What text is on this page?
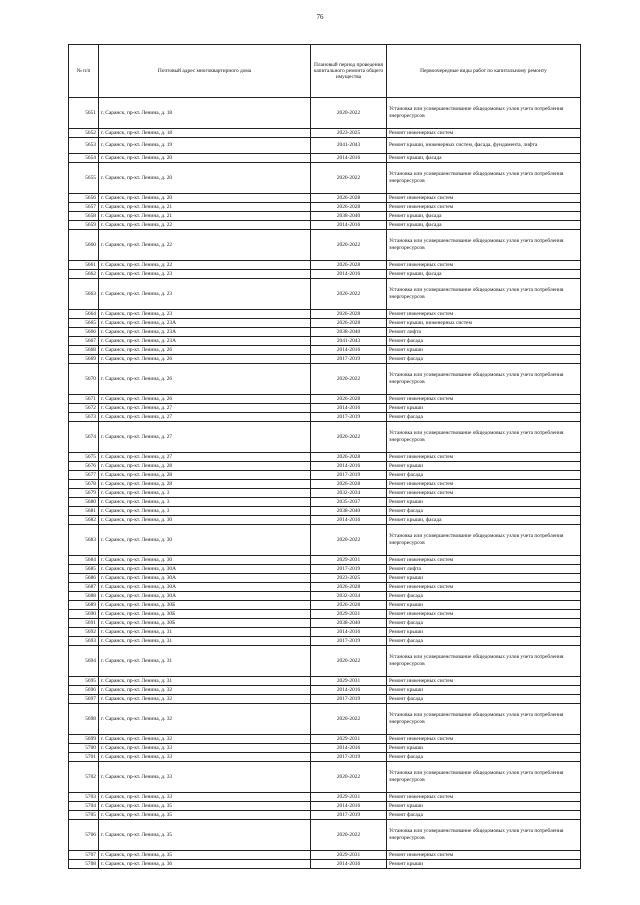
76
№ п/п	Почтовый адрес многоквартирного дома	Плановый период проведения капитального ремонта общего имущества	Первоочередные виды работ по капитальному ремонту
5651	г. Саранск, пр-кт. Ленина, д. 18	2020-2022	Установка или усовершенствование общедомовых узлов учета потребления энергоресурсов
5652	г. Саранск, пр-кт. Ленина, д. 18	2023-2025	Ремонт инженерных систем
5653	г. Саранск, пр-кт. Ленина, д. 19	2041-2043	Ремонт крыши, инженерных систем, фасада, фундамента, лифта
5654	г. Саранск, пр-кт. Ленина, д. 20	2014-2016	Ремонт крыши, фасада
5655	г. Саранск, пр-кт. Ленина, д. 20	2020-2022	Установка или усовершенствование общедомовых узлов учета потребления энергоресурсов
5656	г. Саранск, пр-кт. Ленина, д. 20	2026-2028	Ремонт инженерных систем
5657	г. Саранск, пр-кт. Ленина, д. 21	2026-2028	Ремонт инженерных систем
5658	г. Саранск, пр-кт. Ленина, д. 21	2038-2040	Ремонт крыши, фасада
5659	г. Саранск, пр-кт. Ленина, д. 22	2014-2016	Ремонт крыши, фасада
5660	г. Саранск, пр-кт. Ленина, д. 22	2020-2022	Установка или усовершенствование общедомовых узлов учета потребления энергоресурсов
5661	г. Саранск, пр-кт. Ленина, д. 22	2026-2028	Ремонт инженерных систем
5662	г. Саранск, пр-кт. Ленина, д. 23	2014-2016	Ремонт крыши, фасада
5663	г. Саранск, пр-кт. Ленина, д. 23	2020-2022	Установка или усовершенствование общедомовых узлов учета потребления энергоресурсов
5664	г. Саранск, пр-кт. Ленина, д. 23	2026-2028	Ремонт инженерных систем
5665	г. Саранск, пр-кт. Ленина, д. 23А	2026-2028	Ремонт крыши, инженерных систем
5666	г. Саранск, пр-кт. Ленина, д. 23А	2038-2040	Ремонт лифта
5667	г. Саранск, пр-кт. Ленина, д. 23А	2041-2043	Ремонт фасада
5668	г. Саранск, пр-кт. Ленина, д. 26	2014-2016	Ремонт крыши
5669	г. Саранск, пр-кт. Ленина, д. 26	2017-2019	Ремонт фасада
5670	г. Саранск, пр-кт. Ленина, д. 26	2020-2022	Установка или усовершенствование общедомовых узлов учета потребления энергоресурсов
5671	г. Саранск, пр-кт. Ленина, д. 26	2026-2028	Ремонт инженерных систем
5672	г. Саранск, пр-кт. Ленина, д. 27	2014-2016	Ремонт крыши
5673	г. Саранск, пр-кт. Ленина, д. 27	2017-2019	Ремонт фасада
5674	г. Саранск, пр-кт. Ленина, д. 27	2020-2022	Установка или усовершенствование общедомовых узлов учета потребления энергоресурсов
5675	г. Саранск, пр-кт. Ленина, д. 27	2026-2028	Ремонт инженерных систем
5676	г. Саранск, пр-кт. Ленина, д. 28	2014-2016	Ремонт крыши
5677	г. Саранск, пр-кт. Ленина, д. 28	2017-2019	Ремонт фасада
5678	г. Саранск, пр-кт. Ленина, д. 28	2026-2028	Ремонт инженерных систем
5679	г. Саранск, пр-кт. Ленина, д. 3	2032-2034	Ремонт инженерных систем
5680	г. Саранск, пр-кт. Ленина, д. 3	2035-2037	Ремонт крыши
5681	г. Саранск, пр-кт. Ленина, д. 3	2038-2040	Ремонт фасада
5682	г. Саранск, пр-кт. Ленина, д. 30	2014-2016	Ремонт крыши, фасада
5683	г. Саранск, пр-кт. Ленина, д. 30	2020-2022	Установка или усовершенствование общедомовых узлов учета потребления энергоресурсов
5684	г. Саранск, пр-кт. Ленина, д. 30	2029-2031	Ремонт инженерных систем
5685	г. Саранск, пр-кт. Ленина, д. 30А	2017-2019	Ремонт лифта
5686	г. Саранск, пр-кт. Ленина, д. 30А	2023-2025	Ремонт крыши
5687	г. Саранск, пр-кт. Ленина, д. 30А	2026-2028	Ремонт инженерных систем
5688	г. Саранск, пр-кт. Ленина, д. 30А	2032-2034	Ремонт фасада
5689	г. Саранск, пр-кт. Ленина, д. 30Б	2026-2028	Ремонт крыши
5690	г. Саранск, пр-кт. Ленина, д. 30Б	2029-2031	Ремонт инженерных систем
5691	г. Саранск, пр-кт. Ленина, д. 30Б	2038-2040	Ремонт фасада
5692	г. Саранск, пр-кт. Ленина, д. 31	2014-2016	Ремонт крыши
5693	г. Саранск, пр-кт. Ленина, д. 31	2017-2019	Ремонт фасада
5694	г. Саранск, пр-кт. Ленина, д. 31	2020-2022	Установка или усовершенствование общедомовых узлов учета потребления энергоресурсов
5695	г. Саранск, пр-кт. Ленина, д. 31	2029-2031	Ремонт инженерных систем
5696	г. Саранск, пр-кт. Ленина, д. 32	2014-2016	Ремонт крыши
5697	г. Саранск, пр-кт. Ленина, д. 32	2017-2019	Ремонт фасада
5698	г. Саранск, пр-кт. Ленина, д. 32	2020-2022	Установка или усовершенствование общедомовых узлов учета потребления энергоресурсов
5699	г. Саранск, пр-кт. Ленина, д. 32	2029-2031	Ремонт инженерных систем
5700	г. Саранск, пр-кт. Ленина, д. 33	2014-2016	Ремонт крыши
5701	г. Саранск, пр-кт. Ленина, д. 33	2017-2019	Ремонт фасада
5702	г. Саранск, пр-кт. Ленина, д. 33	2020-2022	Установка или усовершенствование общедомовых узлов учета потребления энергоресурсов
5703	г. Саранск, пр-кт. Ленина, д. 33	2029-2031	Ремонт инженерных систем
5704	г. Саранск, пр-кт. Ленина, д. 35	2014-2016	Ремонт крыши
5705	г. Саранск, пр-кт. Ленина, д. 35	2017-2019	Ремонт фасада
5706	г. Саранск, пр-кт. Ленина, д. 35	2020-2022	Установка или усовершенствование общедомовых узлов учета потребления энергоресурсов
5707	г. Саранск, пр-кт. Ленина, д. 35	2029-2031	Ремонт инженерных систем
5708	г. Саранск, пр-кт. Ленина, д. 36	2014-2016	Ремонт крыши
